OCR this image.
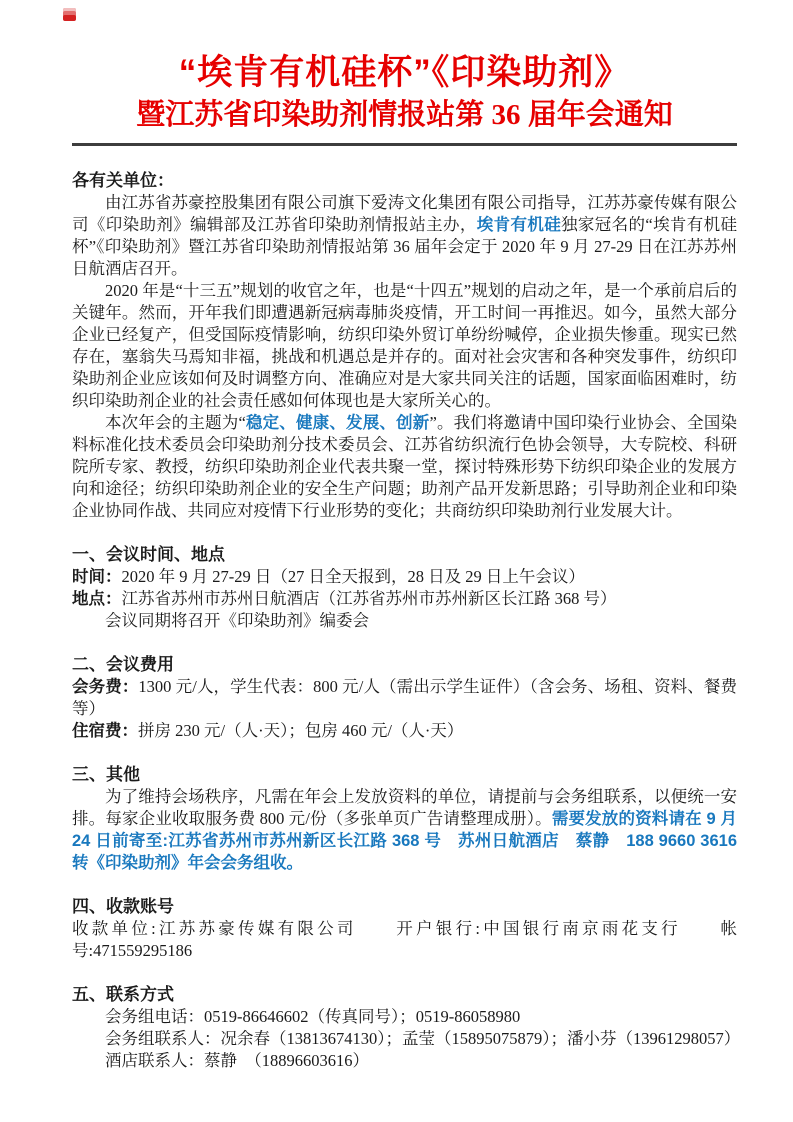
“埃肯有机硅杯”《印染助剂》
暨江苏省印染助剂情报站第 36 届年会通知

各有关单位：

由江苏省苏豪控股集团有限公司旗下爱涛文化集团有限公司指导，江苏苏豪传媒有限公司《印染助剂》编辑部及江苏省印染助剂情报站主办，埃肯有机硅独家冠名的“埃肯有机硅杯”《印染助剂》暨江苏省印染助剂情报站第 36 届年会定于 2020 年 9 月 27-29 日在江苏苏州日航酒店召开。

2020 年是“十三五”规划的收官之年，也是“十四五”规划的启动之年，是一个承前启后的关键年。然而，开年我们即遭遇新冠病毒肺炎疫情，开工时间一再推迟。如今，虽然大部分企业已经复产，但受国际疫情影响，纺织印染外贸订单纷纷喊停，企业损失惨重。现实已然存在，塞翁失马焉知非福，挑战和机遇总是并存的。面对社会灾害和各种突发事件，纺织印染助剂企业应该如何及时调整方向、准确应对是大家共同关注的话题，国家面临困难时，纺织印染助剂企业的社会责任感如何体现也是大家所关心的。

本次年会的主题为“稳定、健康、发展、创新”。我们将邀请中国印染行业协会、全国染料标准化技术委员会印染助剂分技术委员会、江苏省纺织流行色协会领导，大专院校、科研院所专家、教授，纺织印染助剂企业代表共聚一堂，探讨特殊形势下纺织印染企业的发展方向和途径；纺织印染助剂企业的安全生产问题；助剂产品开发新思路；引导助剂企业和印染企业协同作战、共同应对疫情下行业形势的变化；共商纺织印染助剂行业发展大计。

一、会议时间、地点

时间：2020 年 9 月 27-29 日（27 日全天报到，28 日及 29 日上午会议）

地点：江苏省苏州市苏州日航酒店（江苏省苏州市苏州新区长江路 368 号）

会议同期将召开《印染助剂》编委会

二、会议费用

会务费：1300 元/人，学生代表：800 元/人（需出示学生证件）（含会务、场租、资料、餐费等）

住宿费：拼房 230 元/（人·天）；包房 460 元/（人·天）

三、其他

为了维持会场秩序，凡需在年会上发放资料的单位，请提前与会务组联系，以便统一安排。每家企业收取服务费 800 元/份（多张单页广告请整理成册）。需要发放的资料请在 9 月 24 日前寄至:江苏省苏州市苏州新区长江路 368 号　苏州日航酒店　蔡静　188 9660 3616转《印染助剂》年会会务组收。

四、收款账号

收款单位:江苏苏豪传媒有限公司　　开户银行:中国银行南京雨花支行　　帐号:471559295186

五、联系方式

会务组电话：0519-86646602（传真同号）；0519-86058980

会务组联系人：况余春（13813674130）；孟莹（15895075879）；潘小芬（13961298057）

酒店联系人：蔡静　（18896603616）
